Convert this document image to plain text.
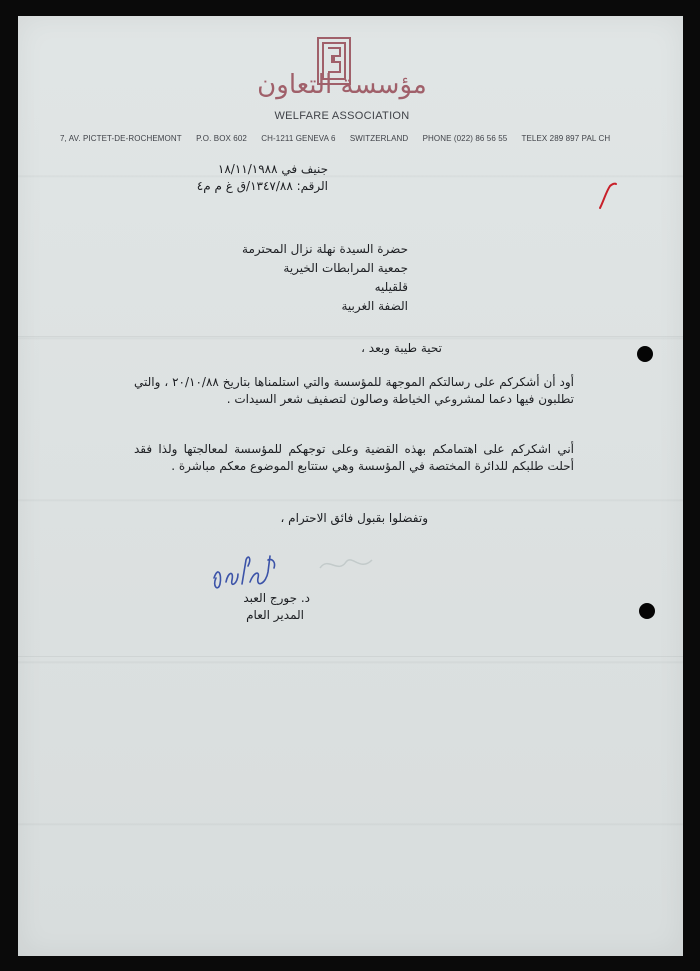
مؤسسة التعاون
WELFARE ASSOCIATION
7, AV. PICTET-DE-ROCHEMONT P.O. BOX 602 CH-1211 GENEVA 6 SWITZERLAND PHONE (022) 86 56 55 TELEX 289 897 PAL CH
جنيف في ١٨/١١/١٩٨٨
الرقم: ١٣٤٧/٨٨/ق غ م م٤
حضرة السيدة نهلة نزال المحترمة
جمعية المرابطات الخيرية
قلقيليه
الضفة الغربية
تحية طيبة وبعد ،
أود أن أشكركم على رسالتكم الموجهة للمؤسسة والتي استلمناها بتاريخ ٢٠/١٠/٨٨ ، والتي تطلبون فيها دعما لمشروعي الخياطة وصالون لتصفيف شعر السيدات .
أني اشكركم على اهتمامكم بهذه القضية وعلى توجهكم للمؤسسة لمعالجتها ولذا فقد أحلت طلبكم للدائرة المختصة في المؤسسة وهي ستتابع الموضوع معكم مباشرة .
وتفضلوا بقبول فائق الاحترام ،
د. جورج العبد
المدير العام
